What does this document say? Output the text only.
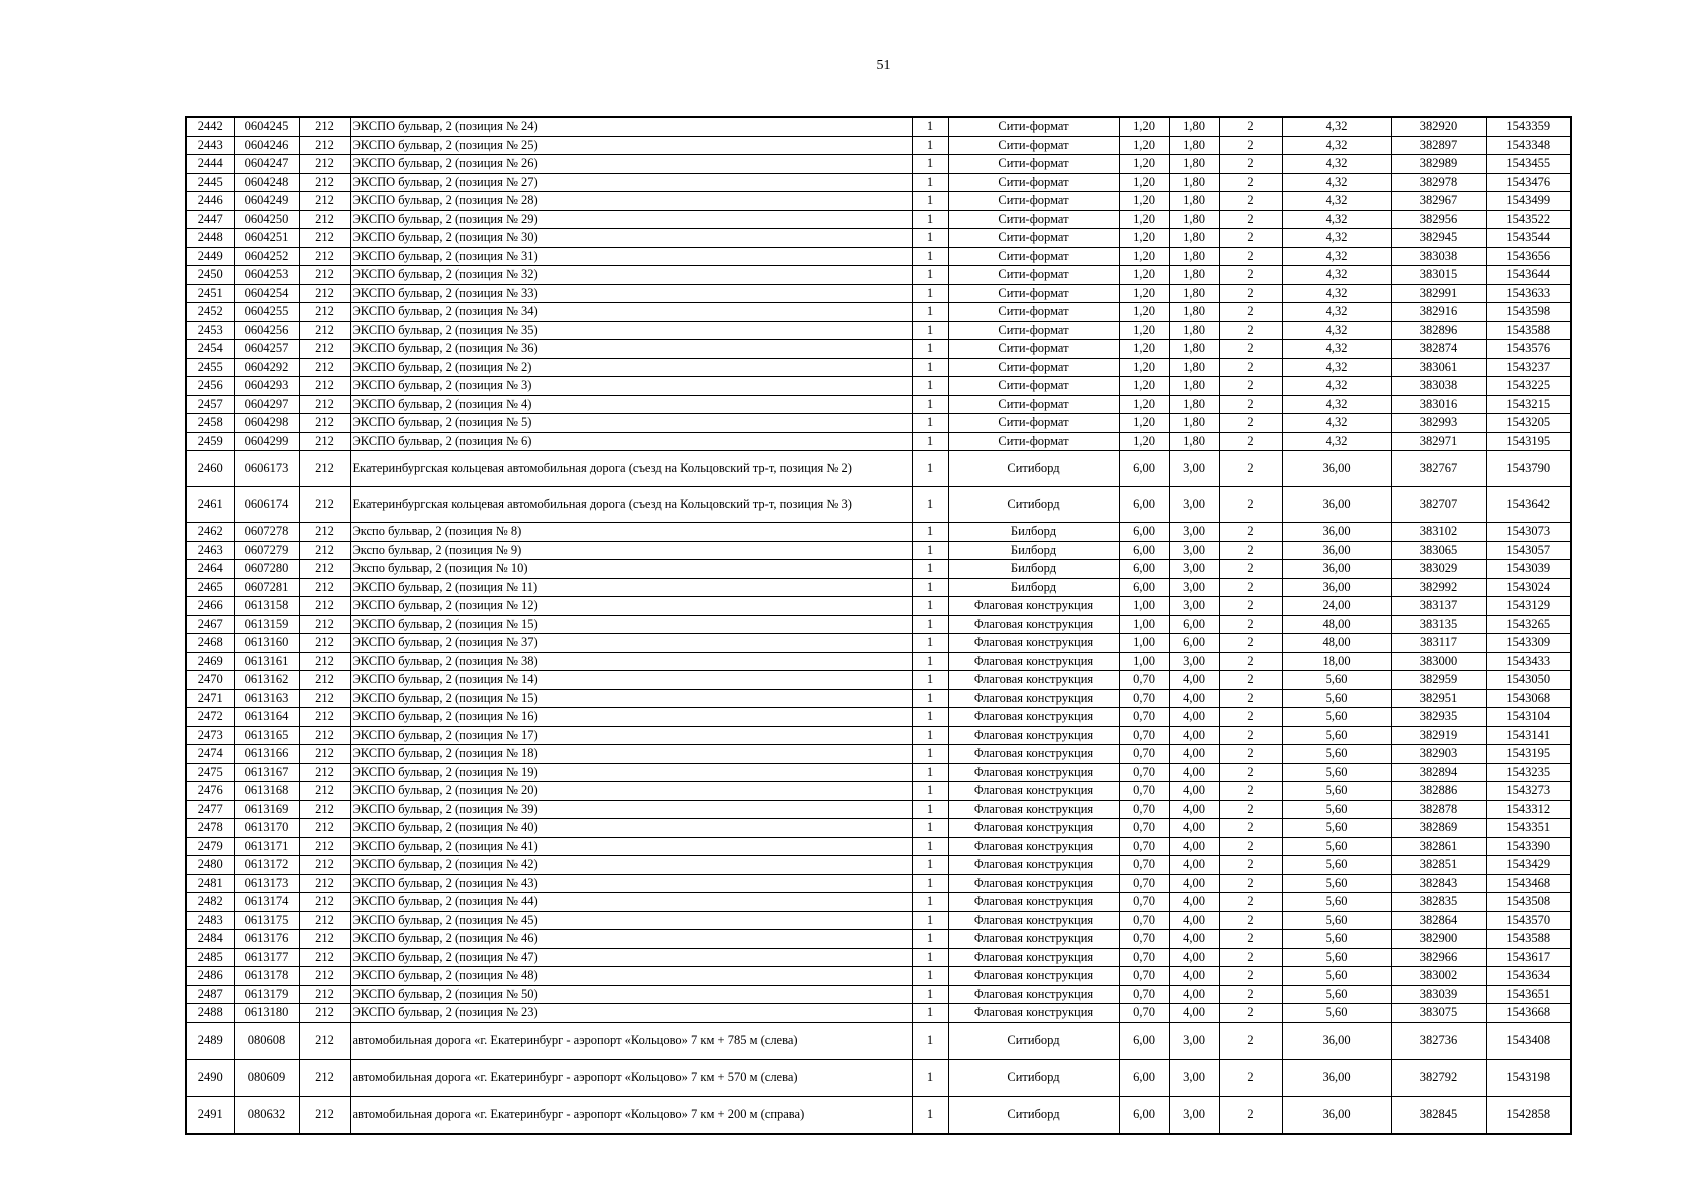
51
2442	0604245	212	ЭКСПО бульвар, 2 (позиция № 24)	1	Сити-формат	1,20	1,80	2	4,32	382920	1543359
2443	0604246	212	ЭКСПО бульвар, 2 (позиция № 25)	1	Сити-формат	1,20	1,80	2	4,32	382897	1543348
2444	0604247	212	ЭКСПО бульвар, 2 (позиция № 26)	1	Сити-формат	1,20	1,80	2	4,32	382989	1543455
2445	0604248	212	ЭКСПО бульвар, 2 (позиция № 27)	1	Сити-формат	1,20	1,80	2	4,32	382978	1543476
2446	0604249	212	ЭКСПО бульвар, 2 (позиция № 28)	1	Сити-формат	1,20	1,80	2	4,32	382967	1543499
2447	0604250	212	ЭКСПО бульвар, 2 (позиция № 29)	1	Сити-формат	1,20	1,80	2	4,32	382956	1543522
2448	0604251	212	ЭКСПО бульвар, 2 (позиция № 30)	1	Сити-формат	1,20	1,80	2	4,32	382945	1543544
2449	0604252	212	ЭКСПО бульвар, 2 (позиция № 31)	1	Сити-формат	1,20	1,80	2	4,32	383038	1543656
2450	0604253	212	ЭКСПО бульвар, 2 (позиция № 32)	1	Сити-формат	1,20	1,80	2	4,32	383015	1543644
2451	0604254	212	ЭКСПО бульвар, 2 (позиция № 33)	1	Сити-формат	1,20	1,80	2	4,32	382991	1543633
2452	0604255	212	ЭКСПО бульвар, 2 (позиция № 34)	1	Сити-формат	1,20	1,80	2	4,32	382916	1543598
2453	0604256	212	ЭКСПО бульвар, 2 (позиция № 35)	1	Сити-формат	1,20	1,80	2	4,32	382896	1543588
2454	0604257	212	ЭКСПО бульвар, 2 (позиция № 36)	1	Сити-формат	1,20	1,80	2	4,32	382874	1543576
2455	0604292	212	ЭКСПО бульвар, 2 (позиция № 2)	1	Сити-формат	1,20	1,80	2	4,32	383061	1543237
2456	0604293	212	ЭКСПО бульвар, 2 (позиция № 3)	1	Сити-формат	1,20	1,80	2	4,32	383038	1543225
2457	0604297	212	ЭКСПО бульвар, 2 (позиция № 4)	1	Сити-формат	1,20	1,80	2	4,32	383016	1543215
2458	0604298	212	ЭКСПО бульвар, 2 (позиция № 5)	1	Сити-формат	1,20	1,80	2	4,32	382993	1543205
2459	0604299	212	ЭКСПО бульвар, 2 (позиция № 6)	1	Сити-формат	1,20	1,80	2	4,32	382971	1543195
2460	0606173	212	Екатеринбургская кольцевая автомобильная дорога (съезд на Кольцовский тр-т, позиция № 2)	1	Ситиборд	6,00	3,00	2	36,00	382767	1543790
2461	0606174	212	Екатеринбургская кольцевая автомобильная дорога (съезд на Кольцовский тр-т, позиция № 3)	1	Ситиборд	6,00	3,00	2	36,00	382707	1543642
2462	0607278	212	Экспо бульвар, 2 (позиция № 8)	1	Билборд	6,00	3,00	2	36,00	383102	1543073
2463	0607279	212	Экспо бульвар, 2 (позиция № 9)	1	Билборд	6,00	3,00	2	36,00	383065	1543057
2464	0607280	212	Экспо бульвар, 2 (позиция № 10)	1	Билборд	6,00	3,00	2	36,00	383029	1543039
2465	0607281	212	ЭКСПО бульвар, 2 (позиция № 11)	1	Билборд	6,00	3,00	2	36,00	382992	1543024
2466	0613158	212	ЭКСПО бульвар, 2 (позиция № 12)	1	Флаговая конструкция	1,00	3,00	2	24,00	383137	1543129
2467	0613159	212	ЭКСПО бульвар, 2 (позиция № 15)	1	Флаговая конструкция	1,00	6,00	2	48,00	383135	1543265
2468	0613160	212	ЭКСПО бульвар, 2 (позиция № 37)	1	Флаговая конструкция	1,00	6,00	2	48,00	383117	1543309
2469	0613161	212	ЭКСПО бульвар, 2 (позиция № 38)	1	Флаговая конструкция	1,00	3,00	2	18,00	383000	1543433
2470	0613162	212	ЭКСПО бульвар, 2 (позиция № 14)	1	Флаговая конструкция	0,70	4,00	2	5,60	382959	1543050
2471	0613163	212	ЭКСПО бульвар, 2 (позиция № 15)	1	Флаговая конструкция	0,70	4,00	2	5,60	382951	1543068
2472	0613164	212	ЭКСПО бульвар, 2 (позиция № 16)	1	Флаговая конструкция	0,70	4,00	2	5,60	382935	1543104
2473	0613165	212	ЭКСПО бульвар, 2 (позиция № 17)	1	Флаговая конструкция	0,70	4,00	2	5,60	382919	1543141
2474	0613166	212	ЭКСПО бульвар, 2 (позиция № 18)	1	Флаговая конструкция	0,70	4,00	2	5,60	382903	1543195
2475	0613167	212	ЭКСПО бульвар, 2 (позиция № 19)	1	Флаговая конструкция	0,70	4,00	2	5,60	382894	1543235
2476	0613168	212	ЭКСПО бульвар, 2 (позиция № 20)	1	Флаговая конструкция	0,70	4,00	2	5,60	382886	1543273
2477	0613169	212	ЭКСПО бульвар, 2 (позиция № 39)	1	Флаговая конструкция	0,70	4,00	2	5,60	382878	1543312
2478	0613170	212	ЭКСПО бульвар, 2 (позиция № 40)	1	Флаговая конструкция	0,70	4,00	2	5,60	382869	1543351
2479	0613171	212	ЭКСПО бульвар, 2 (позиция № 41)	1	Флаговая конструкция	0,70	4,00	2	5,60	382861	1543390
2480	0613172	212	ЭКСПО бульвар, 2 (позиция № 42)	1	Флаговая конструкция	0,70	4,00	2	5,60	382851	1543429
2481	0613173	212	ЭКСПО бульвар, 2 (позиция № 43)	1	Флаговая конструкция	0,70	4,00	2	5,60	382843	1543468
2482	0613174	212	ЭКСПО бульвар, 2 (позиция № 44)	1	Флаговая конструкция	0,70	4,00	2	5,60	382835	1543508
2483	0613175	212	ЭКСПО бульвар, 2 (позиция № 45)	1	Флаговая конструкция	0,70	4,00	2	5,60	382864	1543570
2484	0613176	212	ЭКСПО бульвар, 2 (позиция № 46)	1	Флаговая конструкция	0,70	4,00	2	5,60	382900	1543588
2485	0613177	212	ЭКСПО бульвар, 2 (позиция № 47)	1	Флаговая конструкция	0,70	4,00	2	5,60	382966	1543617
2486	0613178	212	ЭКСПО бульвар, 2 (позиция № 48)	1	Флаговая конструкция	0,70	4,00	2	5,60	383002	1543634
2487	0613179	212	ЭКСПО бульвар, 2 (позиция № 50)	1	Флаговая конструкция	0,70	4,00	2	5,60	383039	1543651
2488	0613180	212	ЭКСПО бульвар, 2 (позиция № 23)	1	Флаговая конструкция	0,70	4,00	2	5,60	383075	1543668
2489	080608	212	автомобильная дорога «г. Екатеринбург - аэропорт «Кольцово» 7 км + 785 м (слева)	1	Ситиборд	6,00	3,00	2	36,00	382736	1543408
2490	080609	212	автомобильная дорога «г. Екатеринбург - аэропорт «Кольцово» 7 км + 570 м (слева)	1	Ситиборд	6,00	3,00	2	36,00	382792	1543198
2491	080632	212	автомобильная дорога «г. Екатеринбург - аэропорт «Кольцово» 7 км + 200 м (справа)	1	Ситиборд	6,00	3,00	2	36,00	382845	1542858
